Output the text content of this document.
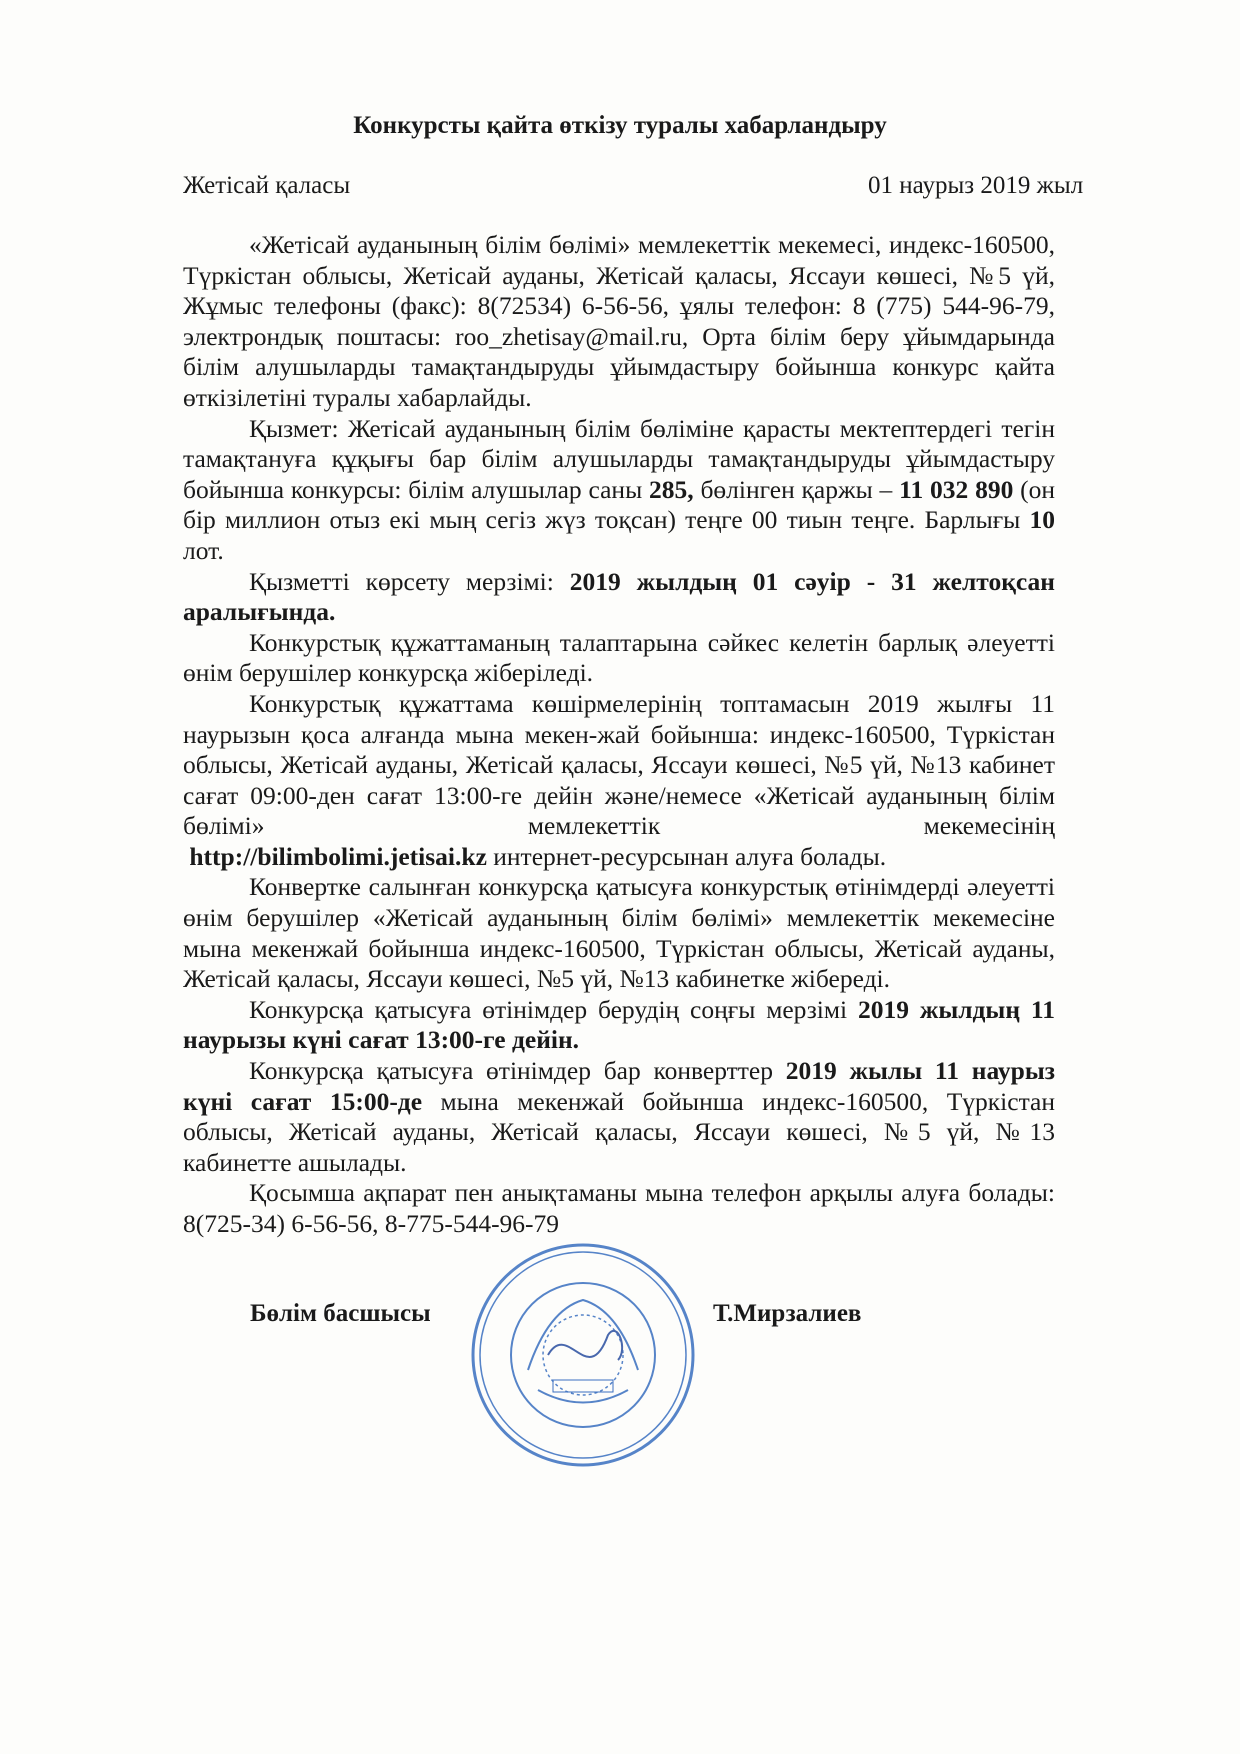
Конкурсты қайта өткізу туралы хабарландыру
Жетісай қаласы	01 наурыз 2019 жыл

«Жетісай ауданының білім бөлімі» мемлекеттік мекемесі, индекс-160500, Түркістан облысы, Жетісай ауданы, Жетісай қаласы, Яссауи көшесі, №5 үй, Жұмыс телефоны (факс): 8(72534) 6-56-56, ұялы телефон: 8 (775) 544-96-79, электрондық поштасы: roo_zhetisay@mail.ru, Орта білім беру ұйымдарында білім алушыларды тамақтандыруды ұйымдастыру бойынша конкурс қайта өткізілетіні туралы хабарлайды.

Қызмет: Жетісай ауданының білім бөліміне қарасты мектептердегі тегін тамақтануға құқығы бар білім алушыларды тамақтандыруды ұйымдастыру бойынша конкурсы: білім алушылар саны 285, бөлінген қаржы – 11 032 890 (он бір миллион отыз екі мың сегіз жүз тоқсан) теңге 00 тиын теңге. Барлығы 10 лот.

Қызметті көрсету мерзімі: 2019 жылдың 01 сәуір - 31 желтоқсан аралығында.

Конкурстық құжаттаманың талаптарына сәйкес келетін барлық әлеуетті өнім берушілер конкурсқа жіберіледі.

Конкурстық құжаттама көшірмелерінің топтамасын 2019 жылғы 11 наурызын қоса алғанда мына мекен-жай бойынша: индекс-160500, Түркістан облысы, Жетісай ауданы, Жетісай қаласы, Яссауи көшесі, №5 үй, №13 кабинет сағат 09:00-ден сағат 13:00-ге дейін және/немесе «Жетісай ауданының білім бөлімі» мемлекеттік мекемесінің

http://bilimbolimi.jetisai.kz интернет-ресурсынан алуға болады.

Конвертке салынған конкурсқа қатысуға конкурстық өтінімдерді әлеуетті өнім берушілер «Жетісай ауданының білім бөлімі» мемлекеттік мекемесіне мына мекенжай бойынша индекс-160500, Түркістан облысы, Жетісай ауданы, Жетісай қаласы, Яссауи көшесі, №5 үй, №13 кабинетке жібереді.

Конкурсқа қатысуға өтінімдер берудің соңғы мерзімі 2019 жылдың 11 наурызы күні сағат 13:00-ге дейін.

Конкурсқа қатысуға өтінімдер бар конверттер 2019 жылы 11 наурыз күні сағат 15:00-де мына мекенжай бойынша индекс-160500, Түркістан облысы, Жетісай ауданы, Жетісай қаласы, Яссауи көшесі, №5 үй, №13 кабинетте ашылады.

Қосымша ақпарат пен анықтаманы мына телефон арқылы алуға болады: 8(725-34) 6-56-56, 8-775-544-96-79

Бөлім басшысы	Т.Мирзалиев
